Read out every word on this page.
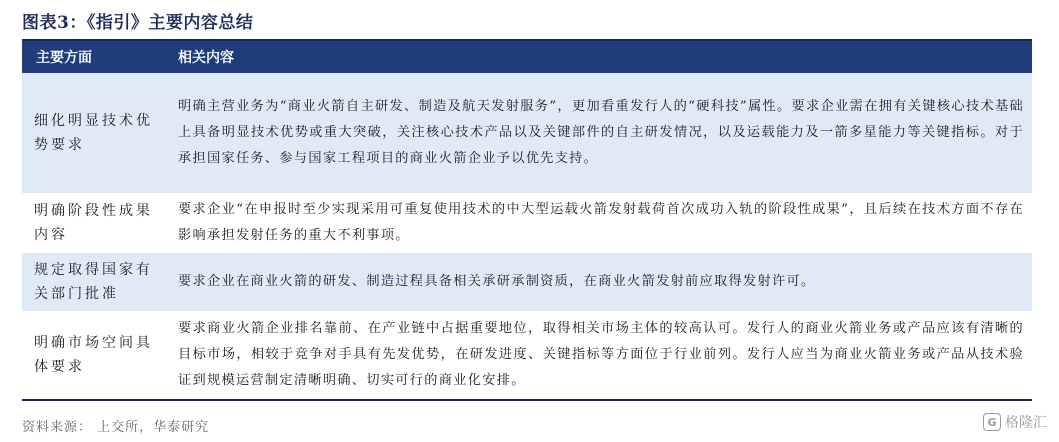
图表3：《指引》主要内容总结
主要方面	相关内容
细化明显技术优势要求
明确主营业务为“商业火箭自主研发、制造及航天发射服务”，更加看重发行人的“硬科技”属性。要求企业需在拥有关键核心技术基础上具备明显技术优势或重大突破，关注核心技术产品以及关键部件的自主研发情况，以及运载能力及一箭多星能力等关键指标。对于承担国家任务、参与国家工程项目的商业火箭企业予以优先支持。
明确阶段性成果内容
要求企业“在申报时至少实现采用可重复使用技术的中大型运载火箭发射载荷首次成功入轨的阶段性成果”，且后续在技术方面不存在影响承担发射任务的重大不利事项。
规定取得国家有关部门批准
要求企业在商业火箭的研发、制造过程具备相关承研承制资质，在商业火箭发射前应取得发射许可。
明确市场空间具体要求
要求商业火箭企业排名靠前、在产业链中占据重要地位，取得相关市场主体的较高认可。发行人的商业火箭业务或产品应该有清晰的目标市场，相较于竞争对手具有先发优势，在研发进度、关键指标等方面位于行业前列。发行人应当为商业火箭业务或产品从技术验证到规模运营制定清晰明确、切实可行的商业化安排。
资料来源： 上交所，华泰研究	G 格隆汇
